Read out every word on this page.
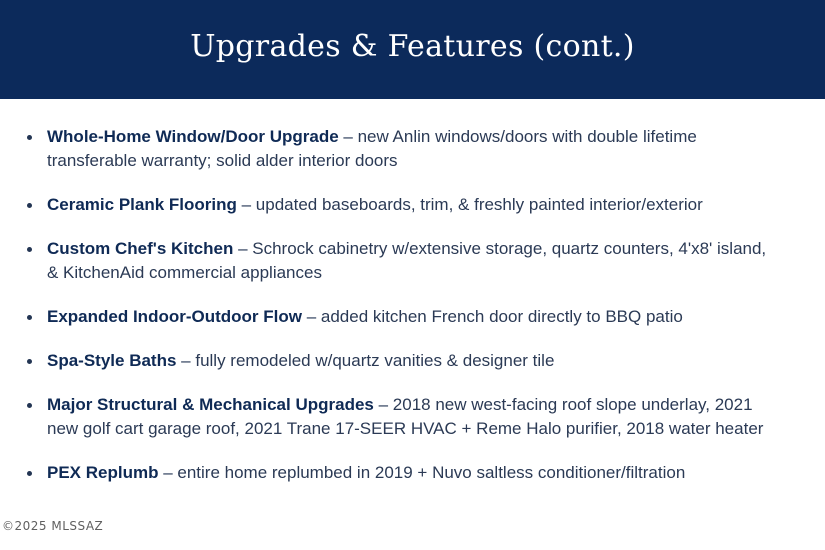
Upgrades & Features (cont.)
Whole-Home Window/Door Upgrade – new Anlin windows/doors with double lifetime transferable warranty; solid alder interior doors
Ceramic Plank Flooring – updated baseboards, trim, & freshly painted interior/exterior
Custom Chef's Kitchen – Schrock cabinetry w/extensive storage, quartz counters, 4'x8' island, & KitchenAid commercial appliances
Expanded Indoor-Outdoor Flow – added kitchen French door directly to BBQ patio
Spa-Style Baths – fully remodeled w/quartz vanities & designer tile
Major Structural & Mechanical Upgrades – 2018 new west-facing roof slope underlay, 2021 new golf cart garage roof, 2021 Trane 17-SEER HVAC + Reme Halo purifier, 2018 water heater
PEX Replumb – entire home replumbed in 2019 + Nuvo saltless conditioner/filtration
©2025 MLSSAZ
